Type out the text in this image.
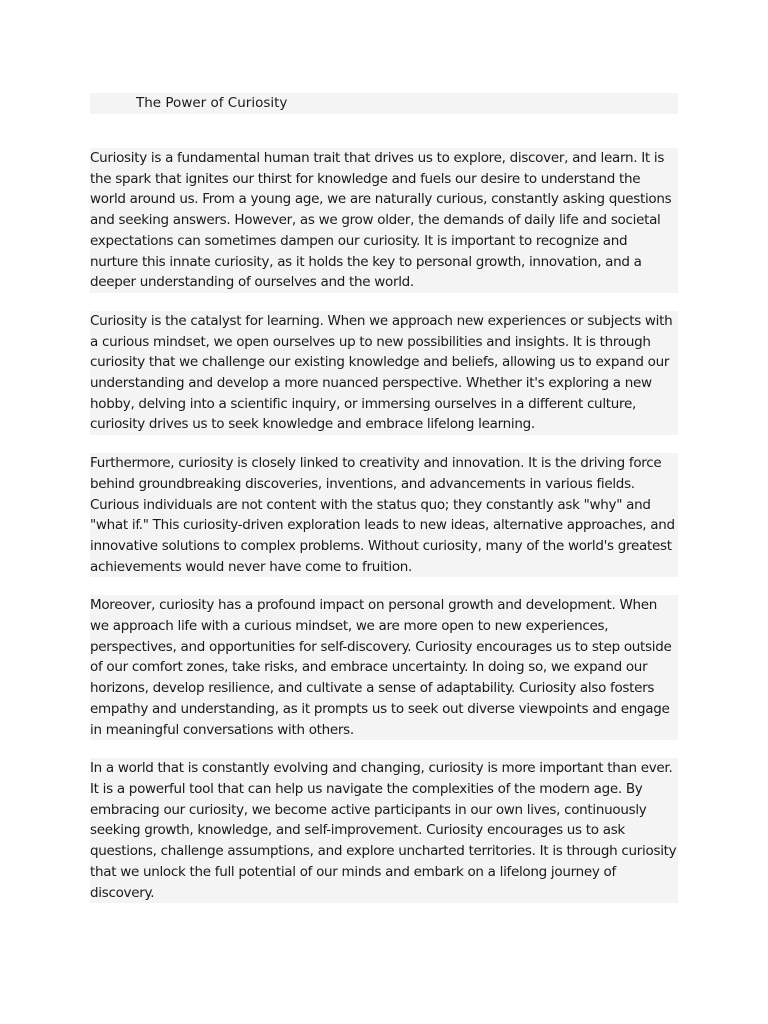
The Power of Curiosity

Curiosity is a fundamental human trait that drives us to explore, discover, and learn. It is the spark that ignites our thirst for knowledge and fuels our desire to understand the world around us. From a young age, we are naturally curious, constantly asking questions and seeking answers. However, as we grow older, the demands of daily life and societal expectations can sometimes dampen our curiosity. It is important to recognize and nurture this innate curiosity, as it holds the key to personal growth, innovation, and a deeper understanding of ourselves and the world.

Curiosity is the catalyst for learning. When we approach new experiences or subjects with a curious mindset, we open ourselves up to new possibilities and insights. It is through curiosity that we challenge our existing knowledge and beliefs, allowing us to expand our understanding and develop a more nuanced perspective. Whether it's exploring a new hobby, delving into a scientific inquiry, or immersing ourselves in a different culture, curiosity drives us to seek knowledge and embrace lifelong learning.

Furthermore, curiosity is closely linked to creativity and innovation. It is the driving force behind groundbreaking discoveries, inventions, and advancements in various fields. Curious individuals are not content with the status quo; they constantly ask "why" and "what if." This curiosity-driven exploration leads to new ideas, alternative approaches, and innovative solutions to complex problems. Without curiosity, many of the world's greatest achievements would never have come to fruition.

Moreover, curiosity has a profound impact on personal growth and development. When we approach life with a curious mindset, we are more open to new experiences, perspectives, and opportunities for self-discovery. Curiosity encourages us to step outside of our comfort zones, take risks, and embrace uncertainty. In doing so, we expand our horizons, develop resilience, and cultivate a sense of adaptability. Curiosity also fosters empathy and understanding, as it prompts us to seek out diverse viewpoints and engage in meaningful conversations with others.

In a world that is constantly evolving and changing, curiosity is more important than ever. It is a powerful tool that can help us navigate the complexities of the modern age. By embracing our curiosity, we become active participants in our own lives, continuously seeking growth, knowledge, and self-improvement. Curiosity encourages us to ask questions, challenge assumptions, and explore uncharted territories. It is through curiosity that we unlock the full potential of our minds and embark on a lifelong journey of discovery.
